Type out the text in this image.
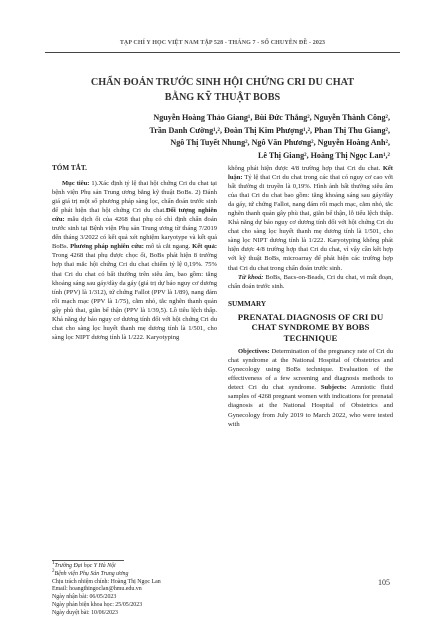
TẠP CHÍ Y HỌC VIỆT NAM TẬP 528 - THÁNG 7 - SỐ CHUYÊN ĐỀ - 2023
CHẨN ĐOÁN TRƯỚC SINH HỘI CHỨNG CRI DU CHAT
BẰNG KỸ THUẬT BOBS
Nguyễn Hoàng Thảo Giang¹, Bùi Đức Thắng², Nguyễn Thành Công²,
Trần Danh Cường¹,², Đoàn Thị Kim Phượng¹,², Phan Thị Thu Giang²,
Ngô Thị Tuyết Nhung², Ngô Văn Phương², Nguyễn Hoàng Anh²,
Lê Thị Giang², Hoàng Thị Ngọc Lan¹,²
TÓM TẮT.

Mục tiêu: 1).Xác định tỷ lệ thai hội chứng Cri du chat tại bệnh viện Phụ sản Trung ương bằng kỹ thuật BoBs. 2) Đánh giá giá trị một số phương pháp sàng lọc, chẩn đoán trước sinh để phát hiện thai hội chứng Cri du chat.Đối tượng nghiên cứu: mẫu dịch ối của 4268 thai phụ có chỉ định chẩn đoán trước sinh tại Bệnh viện Phụ sản Trung ương từ tháng 7/2019 đến tháng 3/2022 có kết quả xét nghiệm karyotype và kết quả BoBs. Phương pháp nghiên cứu: mô tả cắt ngang. Kết quả: Trong 4268 thai phụ được chọc ối, BoBs phát hiện 8 trường hợp thai mắc hội chứng Cri du chat chiếm tỷ lệ 0,19%. 75% thai Cri du chat có bất thường trên siêu âm, bao gồm: tăng khoảng sáng sau gáy/dày da gáy (giá trị dự báo nguy cơ dương tính (PPV) là 1/312), tứ chứng Fallot (PPV là 1/89), nang đám rối mạch mạc (PPV là 1/75), cằm nhỏ, tắc nghẽn thanh quản gây phù thai, giãn bể thận (PPV là 1/39,5). Lồ tiêu lệch thấp. Khả năng dự báo nguy cơ dương tính đối với hội chứng Cri du chat cho sàng lọc huyết thanh mẹ dương tính là 1/501, cho sàng lọc NIPT dương tính là 1/222. Karyotyping

không phát hiện được 4/8 trường hợp thai Cri du chat. Kết luận: Tỷ lệ thai Cri du chat trong các thai có nguy cơ cao với bất thường di truyền là 0,19%. Hình ảnh bất thường siêu âm của thai Cri du chat bao gồm: tăng khoảng sáng sau gáy/dày da gáy, tứ chứng Fallot, nang đám rối mạch mạc, cằm nhỏ, tắc nghẽn thanh quản gây phù thai, giãn bể thận, lỗ tiểu lệch thấp. Khả năng dự báo nguy cơ dương tính đối với hội chứng Cri du chat cho sàng lọc huyết thanh mẹ dương tính là 1/501, cho sàng lọc NIPT dương tính là 1/222. Karyotyping không phát hiện được 4/8 trường hợp thai Cri du chat, vì vậy cần kết hợp với kỹ thuật BoBs, microarray để phát hiện các trường hợp thai Cri du chat trong chẩn đoán trước sinh.

Từ khoá: BoBs, Bacs-on-Beads, Cri du chat, vi mất đoạn, chẩn đoán trước sinh.

SUMMARY
PRENATAL DIAGNOSIS OF CRI DU CHAT SYNDROME BY BOBS TECHNIQUE

Objectives: Determination of the pregnancy rate of Cri du chat syndrome at the National Hospital of Obstetrics and Gynecology using BoBs technique. Evaluation of the effectiveness of a few screening and diagnosis methods to detect Cri du chat syndrome. Subjects: Amniotic fluid samples of 4268 pregnant women with indications for prenatal diagnosis at the National Hospital of Obstetrics and Gynecology from July 2019 to March 2022, who were tested with

$^1$Trường Đại học Y Hà Nội
$^2$Bệnh viện Phụ Sản Trung ương
Chịu trách nhiệm chính: Hoàng Thị Ngọc Lan
Email: hoangthingoclan@hmu.edu.vn
Ngày nhận bài: 06/05/2023
Ngày phản biện khoa học: 25/05/2023
Ngày duyệt bài: 10/06/2023
105
